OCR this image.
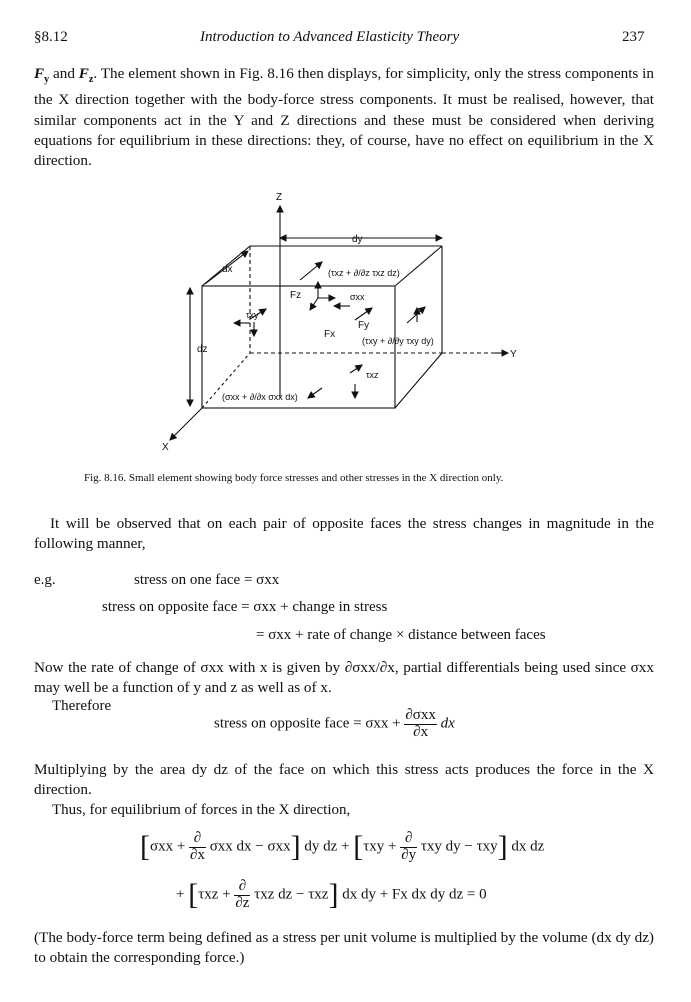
§8.12	Introduction to Advanced Elasticity Theory	237

$F_y$ and $F_z$. The element shown in Fig. 8.16 then displays, for simplicity, only the stress components in the X direction together with the body-force stress components. It must be realised, however, that similar components act in the Y and Z directions and these must be considered when deriving equations for equilibrium in these directions: they, of course, have no effect on equilibrium in the X direction.

Z
Y
X
dy
dx
dz
Fz
Fx
Fy
τxy
σxx
τxz
(τxz + ∂/∂z τxz dz)
(τxy + ∂/∂y τxy dy)
(σxx + ∂/∂x σxx dx)
Fig. 8.16. Small element showing body force stresses and other stresses in the X direction only.

It will be observed that on each pair of opposite faces the stress changes in magnitude in the following manner,

e.g.	stress on one face = σxx
stress on opposite face = σxx + change in stress
= σxx + rate of change × distance between faces

Now the rate of change of σxx with x is given by ∂σxx/∂x, partial differentials being used since σxx may well be a function of y and z as well as of x.

Therefore
stress on opposite face = $\sigma xx + \frac{\text{∂σxx}}{\partial x}$ dx

Multiplying by the area dy dz of the face on which this stress acts produces the force in the X direction.

Thus, for equilibrium of forces in the X direction,
[$\sigma xx + \frac{\partial}{\partial x}$ σxx dx − σxx] dy dz + [$\tau xy + \frac{\partial}{\partial y}$ τxy dy − τxy] dx dz
+ [$\tau xz + \frac{\partial}{\partial z}$ τxz dz − τxz] dx dy + Fx dx dy dz = 0

(The body-force term being defined as a stress per unit volume is multiplied by the volume (dx dy dz) to obtain the corresponding force.)
